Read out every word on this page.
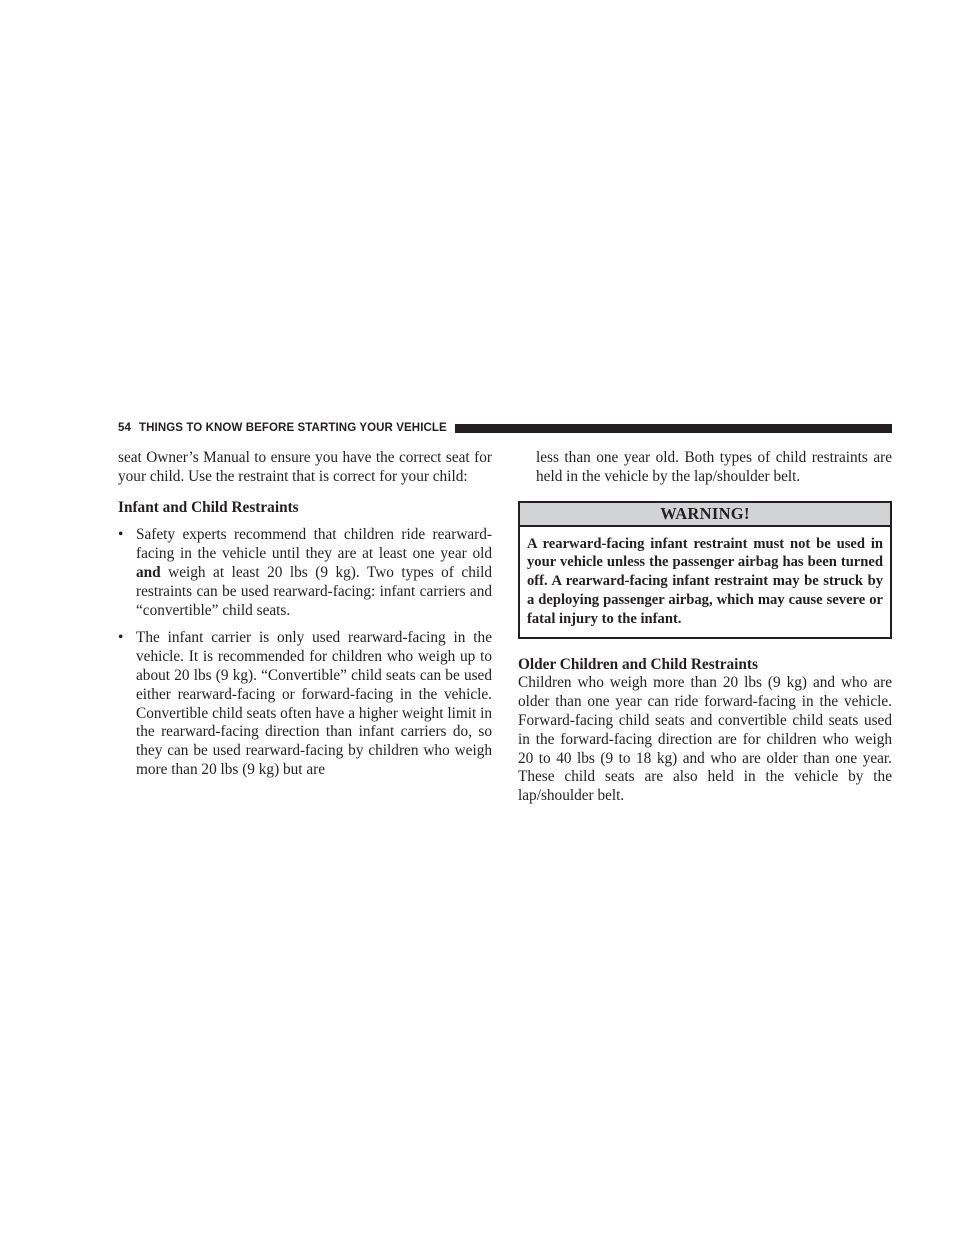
54 THINGS TO KNOW BEFORE STARTING YOUR VEHICLE

seat Owner’s Manual to ensure you have the correct seat for your child. Use the restraint that is correct for your child:

Infant and Child Restraints

• Safety experts recommend that children ride rearward-facing in the vehicle until they are at least one year old and weigh at least 20 lbs (9 kg). Two types of child restraints can be used rearward-facing: infant carriers and “convertible” child seats.
• The infant carrier is only used rearward-facing in the vehicle. It is recommended for children who weigh up to about 20 lbs (9 kg). “Convertible” child seats can be used either rearward-facing or forward-facing in the vehicle. Convertible child seats often have a higher weight limit in the rearward-facing direction than infant carriers do, so they can be used rearward-facing by children who weigh more than 20 lbs (9 kg) but are

less than one year old. Both types of child restraints are held in the vehicle by the lap/shoulder belt.

WARNING!
A rearward-facing infant restraint must not be used in your vehicle unless the passenger airbag has been turned off. A rearward-facing infant restraint may be struck by a deploying passenger airbag, which may cause severe or fatal injury to the infant.

Older Children and Child Restraints

Children who weigh more than 20 lbs (9 kg) and who are older than one year can ride forward-facing in the vehicle. Forward-facing child seats and convertible child seats used in the forward-facing direction are for children who weigh 20 to 40 lbs (9 to 18 kg) and who are older than one year. These child seats are also held in the vehicle by the lap/shoulder belt.
